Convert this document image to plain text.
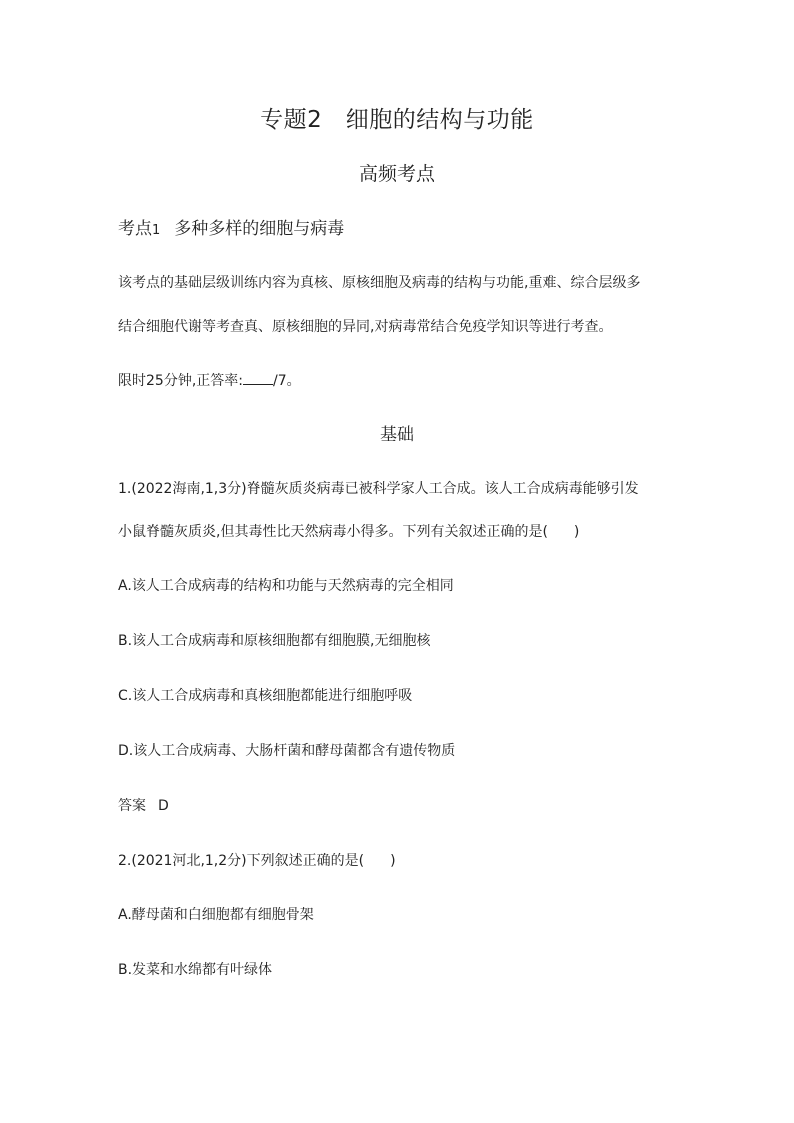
专题2　细胞的结构与功能
高频考点
考点1 多种多样的细胞与病毒
该考点的基础层级训练内容为真核、原核细胞及病毒的结构与功能,重难、综合层级多
结合细胞代谢等考查真、原核细胞的异同,对病毒常结合免疫学知识等进行考查。
限时25分钟,正答率: /7。
基础
1.(2022海南,1,3分)脊髓灰质炎病毒已被科学家人工合成。该人工合成病毒能够引发
小鼠脊髓灰质炎,但其毒性比天然病毒小得多。下列有关叙述正确的是( )
A.该人工合成病毒的结构和功能与天然病毒的完全相同
B.该人工合成病毒和原核细胞都有细胞膜,无细胞核
C.该人工合成病毒和真核细胞都能进行细胞呼吸
D.该人工合成病毒、大肠杆菌和酵母菌都含有遗传物质
答案 D
2.(2021河北,1,2分)下列叙述正确的是( )
A.酵母菌和白细胞都有细胞骨架
B.发菜和水绵都有叶绿体
